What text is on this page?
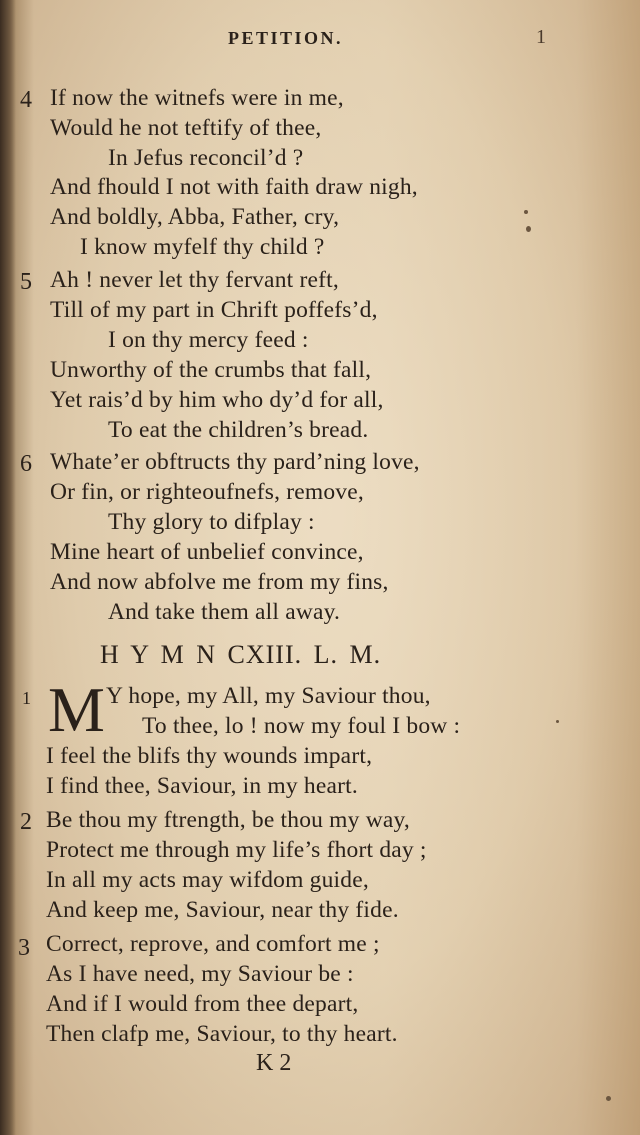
PETITION.	1
4 If now the witnefs were in me,
Would he not teftify of thee,
In Jefus reconcil’d ?
And fhould I not with faith draw nigh,
And boldly, Abba, Father, cry,
I know myfelf thy child ?
5 Ah ! never let thy fervant reft,
Till of my part in Chrift poffefs’d,
I on thy mercy feed :
Unworthy of the crumbs that fall,
Yet rais’d by him who dy’d for all,
To eat the children’s bread.
6 Whate’er obftructs thy pard’ning love,
Or fin, or righteoufnefs, remove,
Thy glory to difplay :
Mine heart of unbelief convince,
And now abfolve me from my fins,
And take them all away.
H Y M N CXIII. L. M.
1 M Y hope, my All, my Saviour thou,
To thee, lo ! now my foul I bow :
I feel the blifs thy wounds impart,
I find thee, Saviour, in my heart.
2 Be thou my ftrength, be thou my way,
Protect me through my life’s fhort day ;
In all my acts may wifdom guide,
And keep me, Saviour, near thy fide.
3 Correct, reprove, and comfort me ;
As I have need, my Saviour be :
And if I would from thee depart,
Then clafp me, Saviour, to thy heart.
K 2
